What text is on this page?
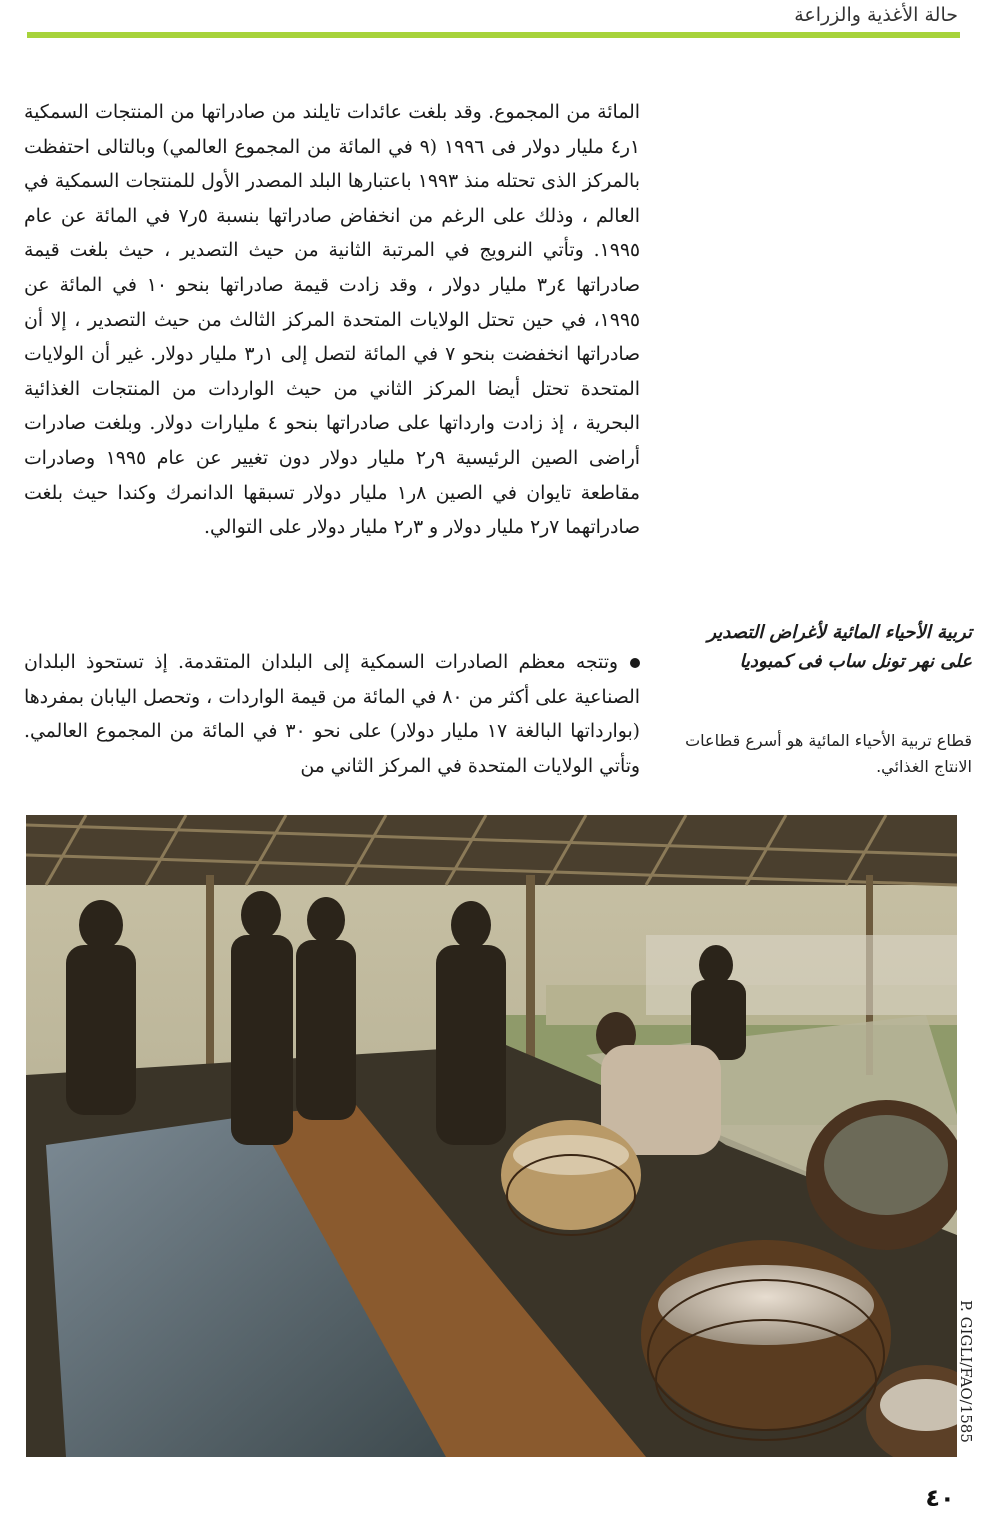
حالة الأغذية والزراعة

المائة من المجموع. وقد بلغت عائدات تايلند من صادراتها من المنتجات السمكية ١ر٤ مليار دولار فى ١٩٩٦ (٩ في المائة من المجموع العالمي) وبالتالى احتفظت بالمركز الذى تحتله منذ ١٩٩٣ باعتبارها البلد المصدر الأول للمنتجات السمكية في العالم ، وذلك على الرغم من انخفاض صادراتها بنسبة ٥ر٧ في المائة عن عام ١٩٩٥. وتأتي النرويج في المرتبة الثانية من حيث التصدير ، حيث بلغت قيمة صادراتها ٤ر٣ مليار دولار ، وقد زادت قيمة صادراتها بنحو ١٠ في المائة عن ١٩٩٥، في حين تحتل الولايات المتحدة المركز الثالث من حيث التصدير ، إلا أن صادراتها انخفضت بنحو ٧ في المائة لتصل إلى ١ر٣ مليار دولار. غير أن الولايات المتحدة تحتل أيضا المركز الثاني من حيث الواردات من المنتجات الغذائية البحرية ، إذ زادت وارداتها على صادراتها بنحو ٤ مليارات دولار. وبلغت صادرات أراضى الصين الرئيسية ٩ر٢ مليار دولار دون تغيير عن عام ١٩٩٥ وصادرات مقاطعة تايوان في الصين ٨ر١ مليار دولار تسبقها الدانمرك وكندا حيث بلغت صادراتهما ٧ر٢ مليار دولار و ٣ر٢ مليار دولار على التوالي.

وتتجه معظم الصادرات السمكية إلى البلدان المتقدمة. إذ تستحوذ البلدان الصناعية على أكثر من ٨٠ في المائة من قيمة الواردات ، وتحصل اليابان بمفردها (بوارداتها البالغة ١٧ مليار دولار) على نحو ٣٠ في المائة من المجموع العالمي. وتأتي الولايات المتحدة في المركز الثاني من

تربية الأحياء المائية لأغراض التصدير على نهر تونل ساب فى كمبوديا

قطاع تربية الأحياء المائية هو أسرع قطاعات الانتاج الغذائي.

P. GIGLI/FAO/1585
٤٠
